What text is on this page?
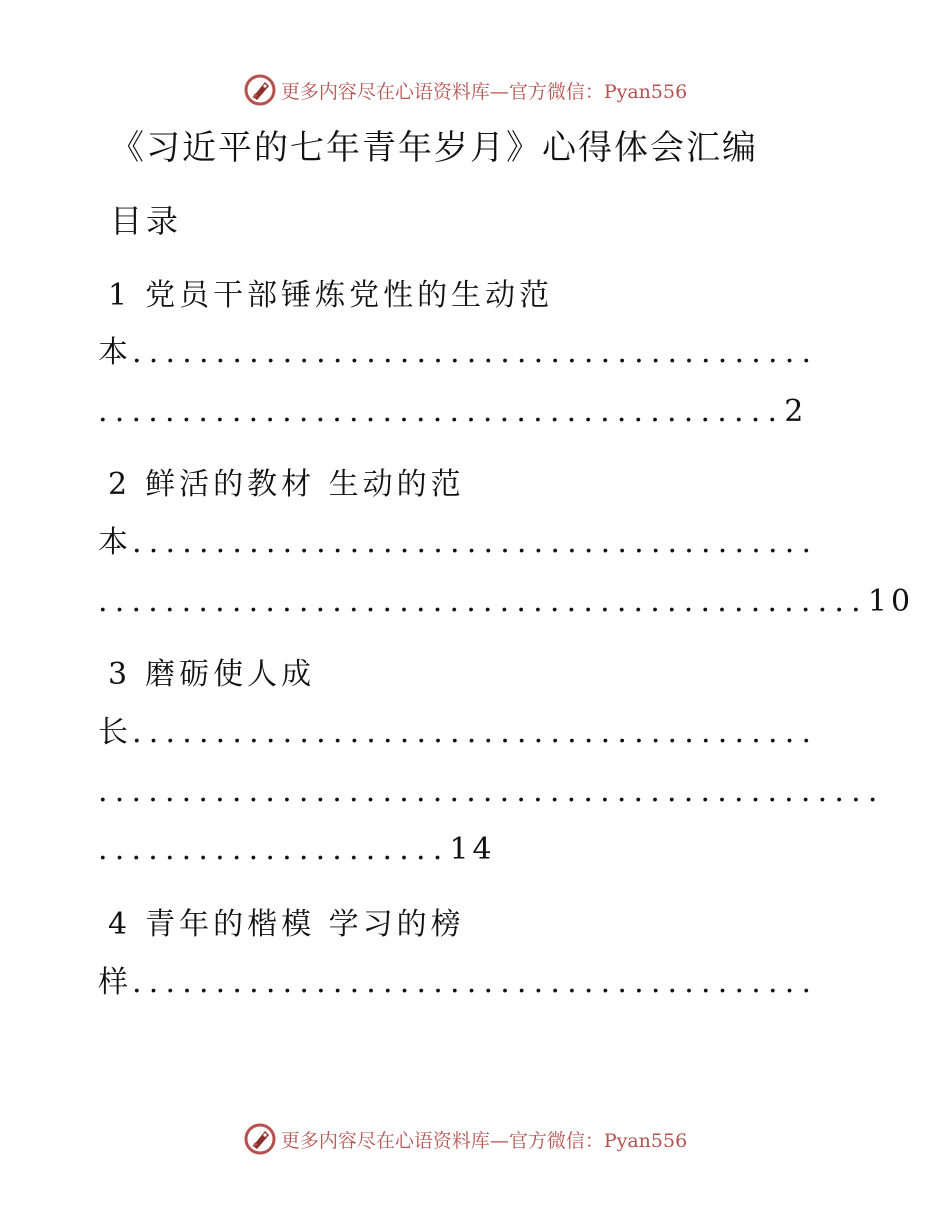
更多内容尽在心语资料库—官方微信：Pyan556
《习近平的七年青年岁月》心得体会汇编
目录
1 党员干部锤炼党性的生动范
本.........................................
.........................................2
2 鲜活的教材 生动的范
本.........................................
..............................................10
3 磨砺使人成
长.........................................
...............................................
.....................14
4 青年的楷模 学习的榜
样.........................................
更多内容尽在心语资料库—官方微信：Pyan556
